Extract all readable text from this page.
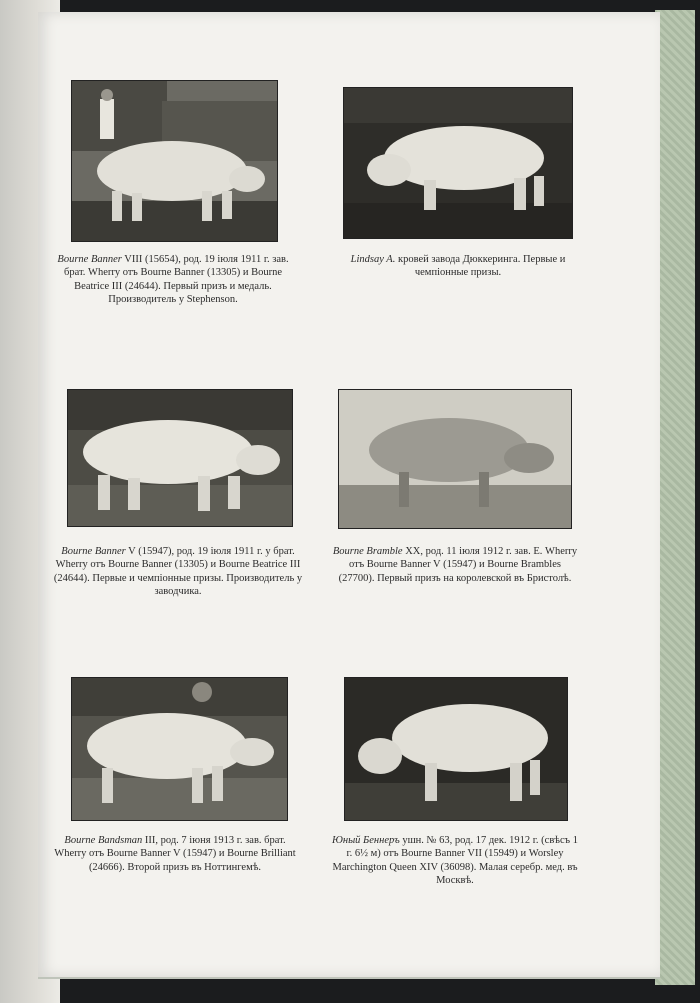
Bourne Banner VIII (15654), род. 19 iюля 1911 г. зав. брат. Wherry отъ Bourne Banner (13305) и Bourne Beatrice III (24644). Первый призъ и медаль. Производитель у Stephenson.
Lindsay A. кровей завода Дюккеринга. Первые и чемпiонные призы.
Bourne Banner V (15947), род. 19 iюля 1911 г. у брат. Wherry отъ Bourne Banner (13305) и Bourne Beatrice III (24644). Первые и чемпiонные призы. Производитель у заводчика.
Bourne Bramble XX, род. 11 iюля 1912 г. зав. Е. Wherry отъ Bourne Banner V (15947) и Bourne Brambles (27700). Первый призъ на королевской въ Бристолѣ.
Bourne Bandsman III, род. 7 iюня 1913 г. зав. брат. Wherry отъ Bourne Banner V (15947) и Bourne Brilliant (24666). Второй призъ въ Ноттингемѣ.
Юный Беннеръ ушн. № 63, род. 17 дек. 1912 г. (свѣсъ 1 г. 6½ м) отъ Bourne Banner VII (15949) и Worsley Marchington Queen XIV (36098). Малая серебр. мед. въ Москвѣ.
